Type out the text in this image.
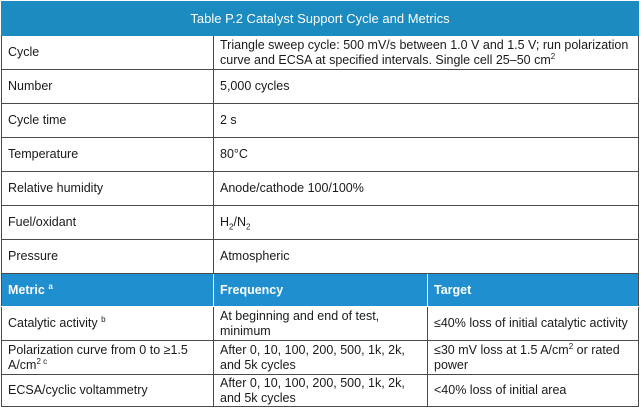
Table P.2 Catalyst Support Cycle and Metrics		
Cycle	Triangle sweep cycle: 500 mV/s between 1.0 V and 1.5 V; run polarization curve and ECSA at specified intervals. Single cell 25–50 $cm^2$
Number	5,000 cycles	
Cycle time	2 s	
Temperature	80°C	
Relative humidity	Anode/cathode 100/100%	
Fuel/oxidant	$H_2/N_2$
Pressure	Atmospheric	
Metric $^a$	Frequency	Target
Catalytic activity $^b$	At beginning and end of test, minimum	≤40% loss of initial catalytic activity
Polarization curve from 0 to ≥1.5 $A/cm^{2 c}$	After 0, 10, 100, 200, 500, 1k, 2k, and 5k cycles	≤30 mV loss at 1.5 $A/cm^2$ or rated power
ECSA/cyclic voltammetry	After 0, 10, 100, 200, 500, 1k, 2k, and 5k cycles	<40% loss of initial area
